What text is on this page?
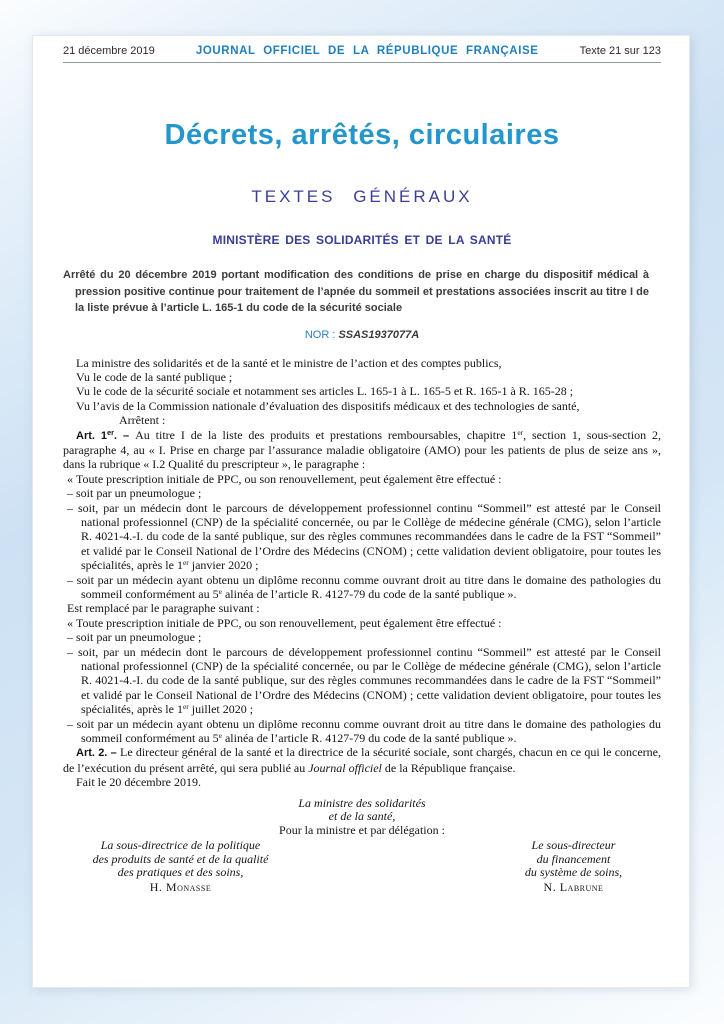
21 décembre 2019	JOURNAL OFFICIEL DE LA RÉPUBLIQUE FRANÇAISE	Texte 21 sur 123
Décrets, arrêtés, circulaires
TEXTES GÉNÉRAUX
MINISTÈRE DES SOLIDARITÉS ET DE LA SANTÉ
Arrêté du 20 décembre 2019 portant modification des conditions de prise en charge du dispositif médical à pression positive continue pour traitement de l’apnée du sommeil et prestations associées inscrit au titre I de la liste prévue à l’article L. 165-1 du code de la sécurité sociale
NOR : SSAS1937077A

La ministre des solidarités et de la santé et le ministre de l’action et des comptes publics,

Vu le code de la santé publique ;

Vu le code de la sécurité sociale et notamment ses articles L. 165-1 à L. 165-5 et R. 165-1 à R. 165-28 ;

Vu l’avis de la Commission nationale d’évaluation des dispositifs médicaux et des technologies de santé,

Arrêtent :

Art. 1er. – Au titre I de la liste des produits et prestations remboursables, chapitre 1er, section 1, sous-section 2, paragraphe 4, au « I. Prise en charge par l’assurance maladie obligatoire (AMO) pour les patients de plus de seize ans », dans la rubrique « I.2 Qualité du prescripteur », le paragraphe :

« Toute prescription initiale de PPC, ou son renouvellement, peut également être effectué :

– soit par un pneumologue ;

– soit, par un médecin dont le parcours de développement professionnel continu “Sommeil” est attesté par le Conseil national professionnel (CNP) de la spécialité concernée, ou par le Collège de médecine générale (CMG), selon l’article R. 4021-4.-I. du code de la santé publique, sur des règles communes recommandées dans le cadre de la FST “Sommeil” et validé par le Conseil National de l’Ordre des Médecins (CNOM) ; cette validation devient obligatoire, pour toutes les spécialités, après le 1er janvier 2020 ;

– soit par un médecin ayant obtenu un diplôme reconnu comme ouvrant droit au titre dans le domaine des pathologies du sommeil conformément au 5e alinéa de l’article R. 4127-79 du code de la santé publique ».

Est remplacé par le paragraphe suivant :

« Toute prescription initiale de PPC, ou son renouvellement, peut également être effectué :

– soit par un pneumologue ;

– soit, par un médecin dont le parcours de développement professionnel continu “Sommeil” est attesté par le Conseil national professionnel (CNP) de la spécialité concernée, ou par le Collège de médecine générale (CMG), selon l’article R. 4021-4.-I. du code de la santé publique, sur des règles communes recommandées dans le cadre de la FST “Sommeil” et validé par le Conseil National de l’Ordre des Médecins (CNOM) ; cette validation devient obligatoire, pour toutes les spécialités, après le 1er juillet 2020 ;

– soit par un médecin ayant obtenu un diplôme reconnu comme ouvrant droit au titre dans le domaine des pathologies du sommeil conformément au 5e alinéa de l’article R. 4127-79 du code de la santé publique ».

Art. 2. – Le directeur général de la santé et la directrice de la sécurité sociale, sont chargés, chacun en ce qui le concerne, de l’exécution du présent arrêté, qui sera publié au Journal officiel de la République française.

Fait le 20 décembre 2019.

La ministre des solidarités
et de la santé,
Pour la ministre et par délégation :
La sous-directrice de la politique
des produits de santé et de la qualité
des pratiques et des soins,
H. Monasse
Le sous-directeur
du financement
du système de soins,
N. Labrune
